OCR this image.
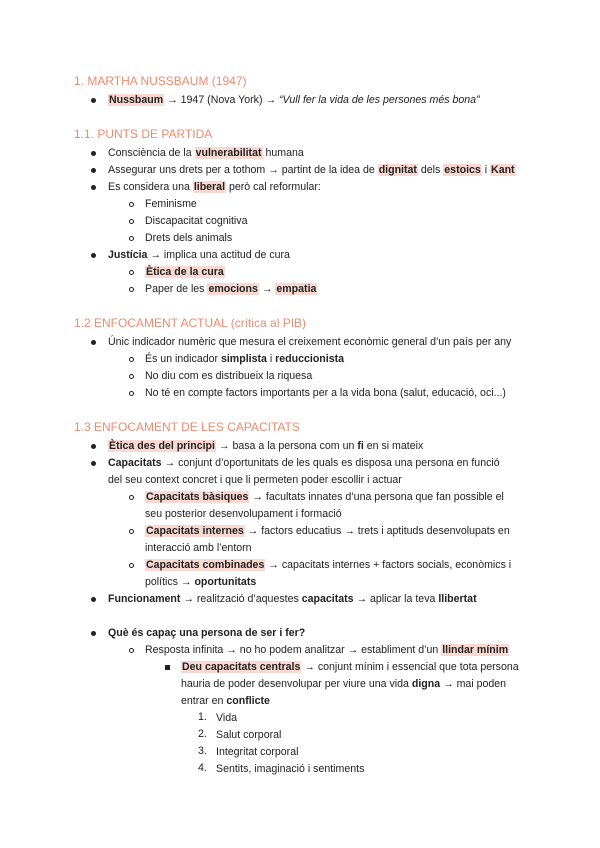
1. MARTHA NUSSBAUM (1947)
Nussbaum → 1947 (Nova York) → “Vull fer la vida de les persones més bona”
1.1. PUNTS DE PARTIDA
Consciència de la vulnerabilitat humana
Assegurar uns drets per a tothom → partint de la idea de dignitat dels estoics i Kant
Es considera una liberal però cal reformular:
Feminisme
Discapacitat cognitiva
Drets dels animals
Justícia → implica una actitud de cura
Ètica de la cura
Paper de les emocions → empatia
1.2 ENFOCAMENT ACTUAL (crítica al PIB)
Únic indicador numèric que mesura el creixement econòmic general d’un país per any
És un indicador simplista i reduccionista
No diu com es distribueix la riquesa
No té en compte factors importants per a la vida bona (salut, educació, oci...)
1.3 ENFOCAMENT DE LES CAPACITATS
Ètica des del principi → basa a la persona com un fi en si mateix
Capacitats → conjunt d’oportunitats de les quals es disposa una persona en funció
del seu context concret i que li permeten poder escollir i actuar
Capacitats bàsiques → facultats innates d’una persona que fan possible el
seu posterior desenvolupament i formació
Capacitats internes → factors educatius → trets i aptituds desenvolupats en
interacció amb l’entorn
Capacitats combinades → capacitats internes + factors socials, econòmics i
polítics → oportunitats
Funcionament → realització d’aquestes capacitats → aplicar la teva llibertat
Què és capaç una persona de ser i fer?
Resposta infinita → no ho podem analitzar → establiment d’un llindar mínim
Deu capacitats centrals → conjunt mínim i essencial que tota persona
hauria de poder desenvolupar per viure una vida digna → mai poden
entrar en conflicte
1. Vida
2. Salut corporal
3. Integritat corporal
4. Sentits, imaginació i sentiments
